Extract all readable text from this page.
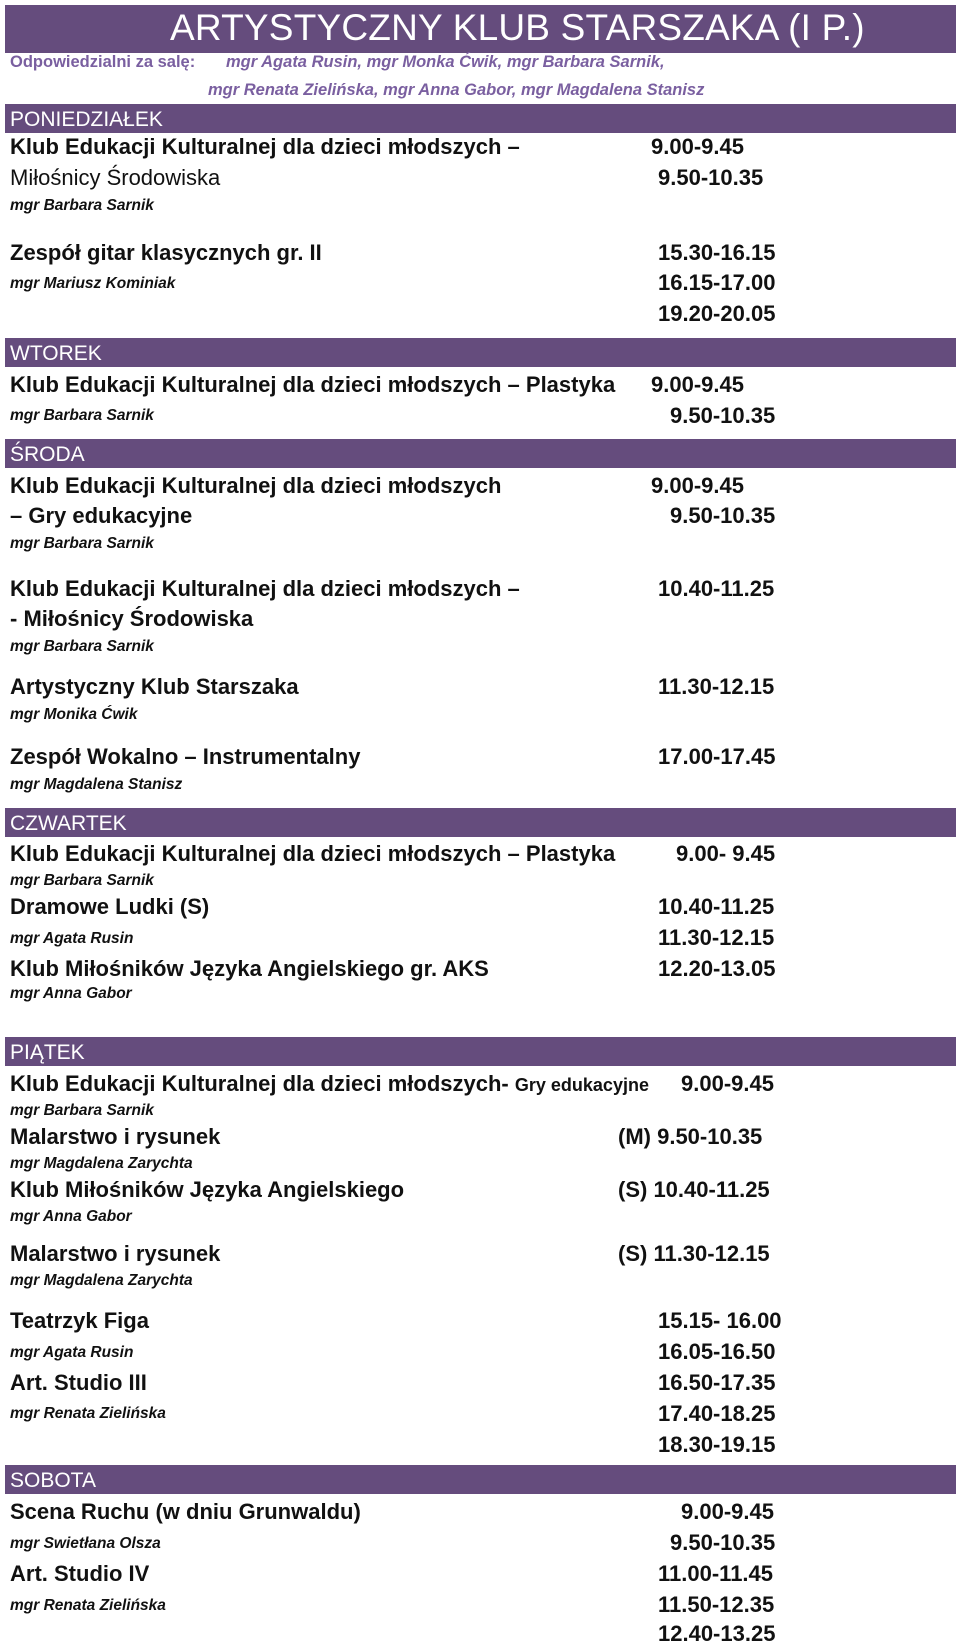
ARTYSTYCZNY KLUB STARSZAKA (I P.)
Odpowiedzialni za salę: mgr Agata Rusin, mgr Monka Ćwik, mgr Barbara Sarnik,
mgr Renata Zielińska, mgr Anna Gabor, mgr Magdalena Stanisz
PONIEDZIAŁEK
Klub Edukacji Kulturalnej dla dzieci młodszych –
Miłośnicy Środowiska
mgr Barbara Sarnik
9.00-9.45
9.50-10.35
Zespół gitar klasycznych gr. II
mgr Mariusz Kominiak
15.30-16.15
16.15-17.00
19.20-20.05
WTOREK
Klub Edukacji Kulturalnej dla dzieci młodszych – Plastyka
mgr Barbara Sarnik
9.00-9.45
9.50-10.35
ŚRODA
Klub Edukacji Kulturalnej dla dzieci młodszych
– Gry edukacyjne
mgr Barbara Sarnik
9.00-9.45
9.50-10.35
Klub Edukacji Kulturalnej dla dzieci młodszych –
- Miłośnicy Środowiska
mgr Barbara Sarnik
10.40-11.25
Artystyczny Klub Starszaka
mgr Monika Ćwik
11.30-12.15
Zespół Wokalno – Instrumentalny
mgr Magdalena Stanisz
17.00-17.45
CZWARTEK
Klub Edukacji Kulturalnej dla dzieci młodszych – Plastyka
mgr Barbara Sarnik
9.00- 9.45
Dramowe Ludki (S)
mgr Agata Rusin
10.40-11.25
11.30-12.15
Klub Miłośników Języka Angielskiego gr. AKS
mgr Anna Gabor
12.20-13.05
PIĄTEK
Klub Edukacji Kulturalnej dla dzieci młodszych- Gry edukacyjne
mgr Barbara Sarnik
9.00-9.45
Malarstwo i rysunek
mgr Magdalena Zarychta
(M) 9.50-10.35
Klub Miłośników Języka Angielskiego
mgr Anna Gabor
(S) 10.40-11.25
Malarstwo i rysunek
mgr Magdalena Zarychta
(S) 11.30-12.15
Teatrzyk Figa
mgr Agata Rusin
15.15- 16.00
16.05-16.50
Art. Studio III
mgr Renata Zielińska
16.50-17.35
17.40-18.25
18.30-19.15
SOBOTA
Scena Ruchu (w dniu Grunwaldu)
mgr Swietłana Olsza
9.00-9.45
9.50-10.35
Art. Studio IV
mgr Renata Zielińska
11.00-11.45
11.50-12.35
12.40-13.25
